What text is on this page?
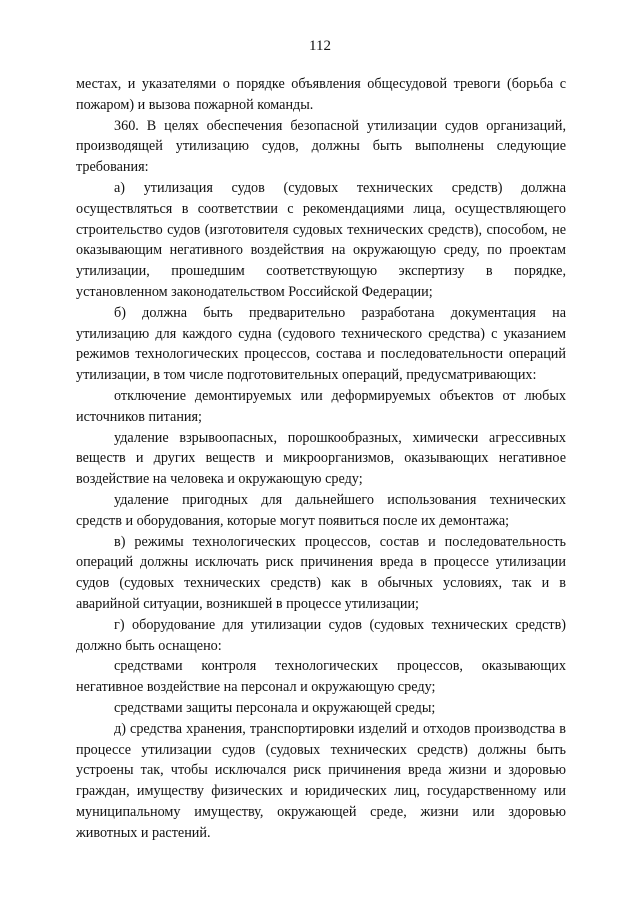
112

местах, и указателями о порядке объявления общесудовой тревоги (борьба с пожаром) и вызова пожарной команды.

360. В целях обеспечения безопасной утилизации судов организаций, производящей утилизацию судов, должны быть выполнены следующие требования:

а) утилизация судов (судовых технических средств) должна осуществляться в соответствии с рекомендациями лица, осуществляющего строительство судов (изготовителя судовых технических средств), способом, не оказывающим негативного воздействия на окружающую среду, по проектам утилизации, прошедшим соответствующую экспертизу в порядке, установленном законодательством Российской Федерации;

б) должна быть предварительно разработана документация на утилизацию для каждого судна (судового технического средства) с указанием режимов технологических процессов, состава и последовательности операций утилизации, в том числе подготовительных операций, предусматривающих:

отключение демонтируемых или деформируемых объектов от любых источников питания;

удаление взрывоопасных, порошкообразных, химически агрессивных веществ и других веществ и микроорганизмов, оказывающих негативное воздействие на человека и окружающую среду;

удаление пригодных для дальнейшего использования технических средств и оборудования, которые могут появиться после их демонтажа;

в) режимы технологических процессов, состав и последовательность операций должны исключать риск причинения вреда в процессе утилизации судов (судовых технических средств) как в обычных условиях, так и в аварийной ситуации, возникшей в процессе утилизации;

г) оборудование для утилизации судов (судовых технических средств) должно быть оснащено:

средствами контроля технологических процессов, оказывающих негативное воздействие на персонал и окружающую среду;

средствами защиты персонала и окружающей среды;

д) средства хранения, транспортировки изделий и отходов производства в процессе утилизации судов (судовых технических средств) должны быть устроены так, чтобы исключался риск причинения вреда жизни и здоровью граждан, имуществу физических и юридических лиц, государственному или муниципальному имуществу, окружающей среде, жизни или здоровью животных и растений.
